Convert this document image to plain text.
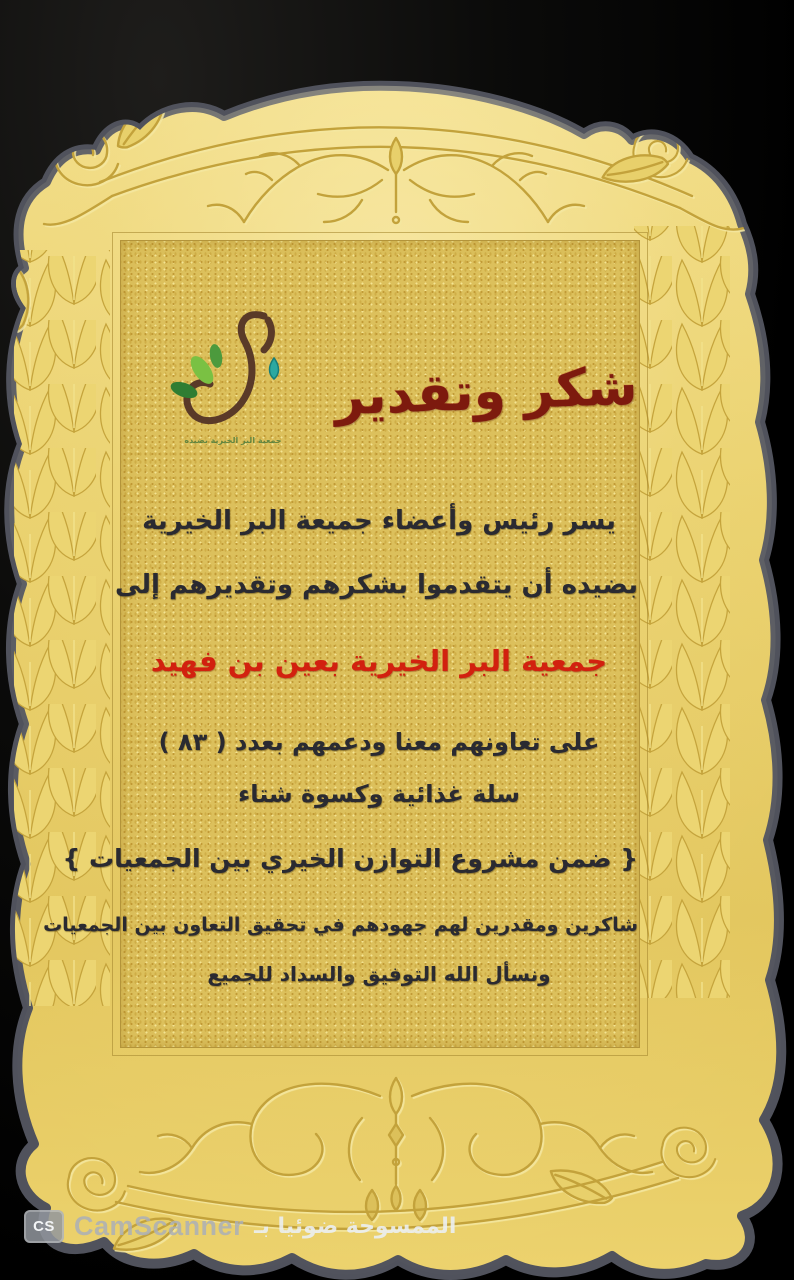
جمعية البر الخيرية بضيده
شكر وتقدير
يسر رئيس وأعضاء جميعة البر الخيرية
بضيده أن يتقدموا بشكرهم وتقديرهم إلى
جمعية البر الخيرية بعين بن فهيد
على تعاونهم معنا ودعمهم بعدد ( ٨٣ )
سلة غذائية وكسوة شتاء
{ ضمن مشروع التوازن الخيري بين الجمعيات }
شاكرين ومقدرين لهم جهودهم في تحقيق التعاون بين الجمعيات
ونسأل الله التوفيق والسداد للجميع
CS CamScanner الممسوحة ضوئيا بـ
